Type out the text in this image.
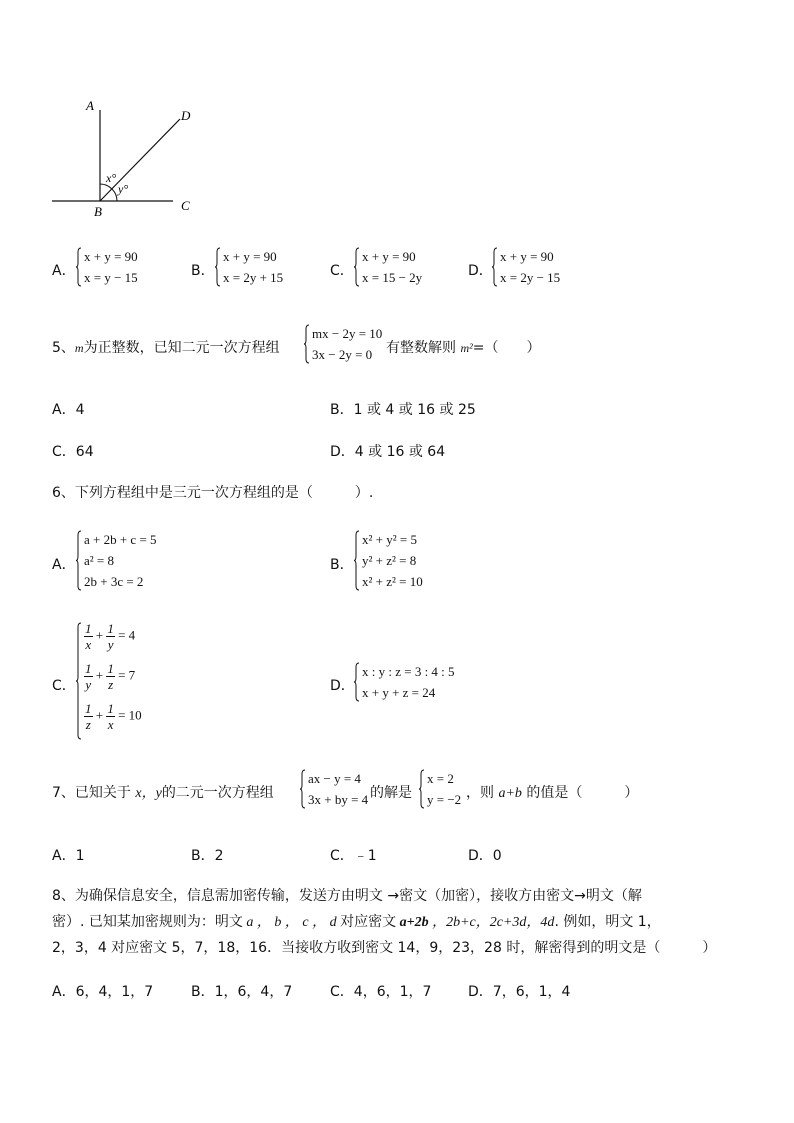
A
B	C
D
x°
y°
A．
x + y = 90
x = y − 15	B．
x + y = 90
x = 2y + 15	C．
x + y = 90
x = 15 − 2y	D．
x + y = 90
x = 2y − 15
5、m为正整数，已知二元一次方程组
mx − 2y = 10
3x − 2y = 0 有整数解则 m²=（　　）
A．4	B．1 或 4 或 16 或 25
C．64	D．4 或 16 或 64
6、下列方程组中是三元一次方程组的是（　　　）.
A．
a + 2b + c = 5
a² = 8
2b + 3c = 2
B．
x² + y² = 5
y² + z² = 8
x² + z² = 10
C．
$\frac{1}{x} + \frac{1}{y} = 4$
$\frac{1}{y} + \frac{1}{z} = 7$
$\frac{1}{z} + \frac{1}{x} = 10$
D．
x : y : z = 3 : 4 : 5
x + y + z = 24
7、已知关于 x，y的二元一次方程组
ax − y = 4
3x + by = 4 的解是
x = 2
y = −2 ，则 a+b 的值是（　　　）
A．1	B．2	C．﹣1	D．0
8、为确保信息安全，信息需加密传输，发送方由明文 →密文（加密），接收方由密文→明文（解
密）. 已知某加密规则为：明文 a ， b ， c ， d 对应密文 a+2b ，2b+c，2c+3d，4d. 例如，明文 1，
2，3，4 对应密文 5，7，18，16．当接收方收到密文 14，9，23，28 时，解密得到的明文是（　　　）
A．6，4，1，7	B．1，6，4，7	C．4，6，1，7	D．7，6，1，4
